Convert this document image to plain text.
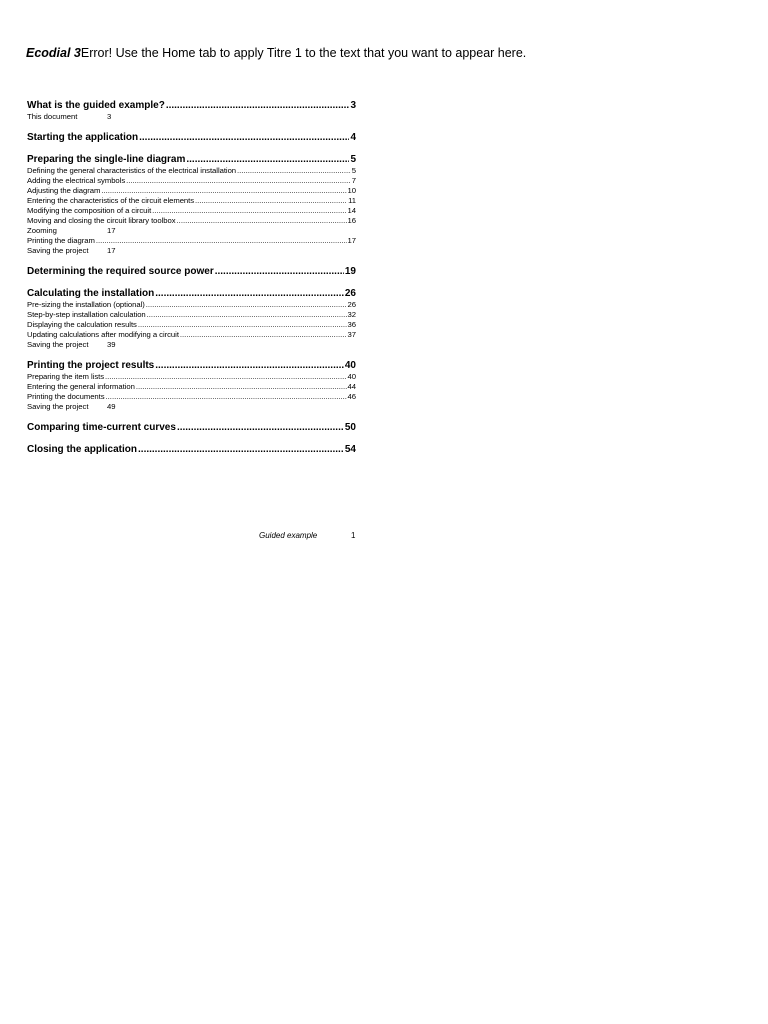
Ecodial 3Error! Use the Home tab to apply Titre 1 to the text that you want to appear here.
What is the guided example? .....	3
This document	3
Starting the application .....	4
Preparing the single-line diagram .....	5
Defining the general characteristics of the electrical installation .....	5
Adding the electrical symbols .....	7
Adjusting the diagram .....	10
Entering the characteristics of the circuit elements .....	11
Modifying the composition of a circuit .....	14
Moving and closing the circuit library toolbox .....	16
Zooming	17
Printing the diagram .....	17
Saving the project 17
Determining the required source power .....	19
Calculating the installation .....	26
Pre-sizing the installation (optional) .....	26
Step-by-step installation calculation .....	32
Displaying the calculation results .....	36
Updating calculations after modifying a circuit .....	37
Saving the project 39
Printing the project results .....	40
Preparing the item lists .....	40
Entering the general information .....	44
Printing the documents .....	46
Saving the project 49
Comparing time-current curves .....	50
Closing the application .....	54
Guided example	1
